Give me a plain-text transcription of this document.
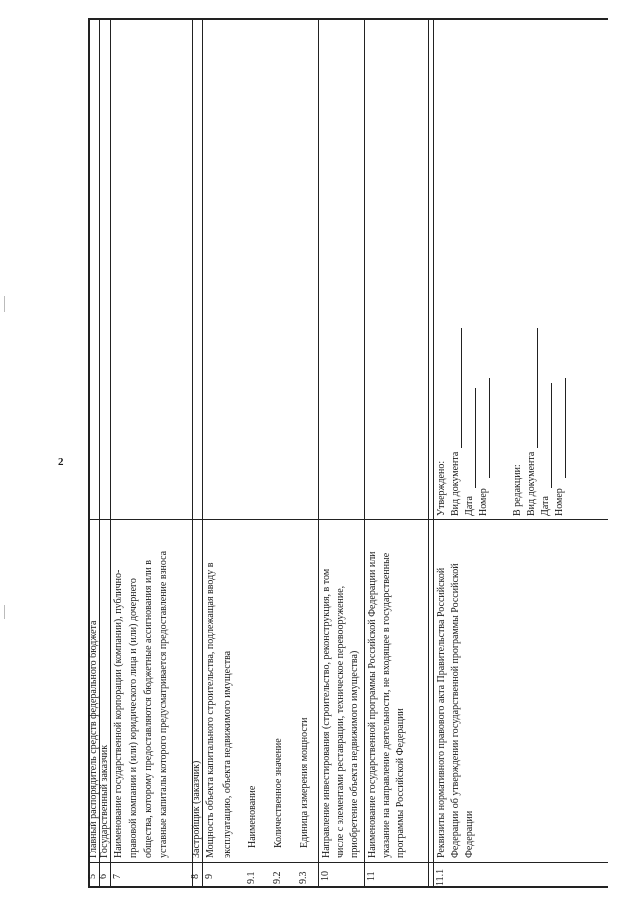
2
5
Главный распорядитель средств федерального бюджета
6
Государственный заказчик
7
Наименование государственной корпорации (компании), публично- правовой компании и (или) юридического лица и (или) дочернего общества, которому предоставляются бюджетные ассигнования или в уставные капиталы которого предусматривается предоставление взноса
8
Застройщик (заказчик)
9
Мощность объекта капитального строительства, подлежащая вводу в эксплуатацию, объекта недвижимого имущества
9.1
Наименование
9.2
Количественное значение
9.3
Единица измерения мощности
10
Направление инвестирования (строительство, реконструкция, в том числе с элементами реставрации, техническое перевооружение, приобретение объекта недвижимого имущества)
11
Наименование государственной программы Российской Федерации или указание на направление деятельности, не входящее в государственные программы Российской Федерации
11.1
Реквизиты нормативного правового акта Правительства Российской Федерации об утверждении государственной программы Российской Федерации
Утверждено: Вид документа Дата Номер В редакции: Вид документа Дата Номер
